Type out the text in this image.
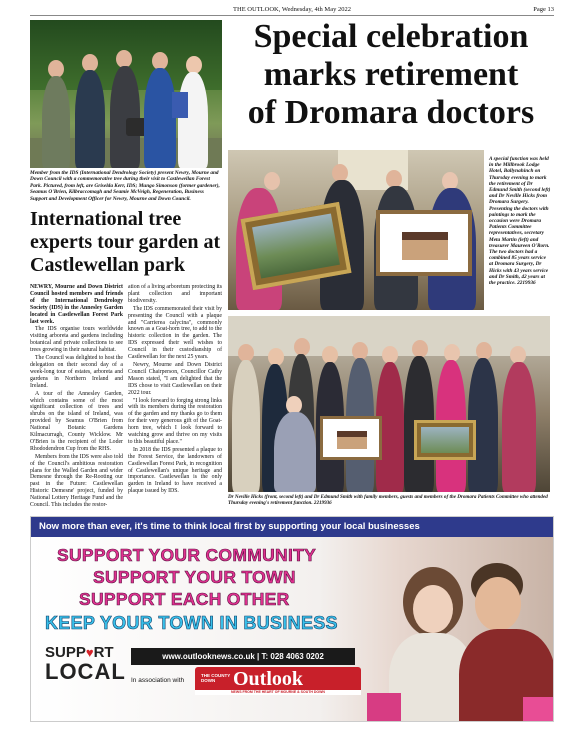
THE OUTLOOK, Wednesday, 4th May 2022	Page 13
Member from the IDS (International Dendrology Society) present Newry, Mourne and Down Council with a commemorative tree during their visit to Castlewellan Forest Park. Pictured, from left, are Griselda Kerr, IDS; Mungo Simonson (former gardener), Seamus O'Brien, Kilbraccomagh and Seamie McVeigh, Regeneration, Business Support and Development Officer for Newry, Mourne and Down Council.
International tree experts tour garden at Castlewellan park

NEWRY, Mourne and Down District Council hosted members and friends of the International Dendrology Society (IDS) in the Annesley Garden located in Castlewellan Forest Park last week.

The IDS organise tours worldwide visiting arboreta and gardens including botanical and private collections to see trees growing in their natural habitat.

The Council was delighted to host the delegation on their second day of a week-long tour of estates, arboreta and gardens in Northern Ireland and Ireland.

A tour of the Annesley Garden, which contains some of the most significant collection of trees and shrubs on the island of Ireland, was provided by Seamus O'Brien from National Botanic Gardens Kilmacurragh, County Wicklow. Mr O'Brien is the recipient of the Loder Rhododendron Cup from the RHS.

Members from the IDS were also told of the Council's ambitious restoration plans for the Walled Garden and wider Demesne through the Re-Rooting our past in the Future: Castlewellan Historic Demesne' project, funded by National Lottery Heritage Fund and the Council. This includes the restor-

ation of a living arboretum protecting its plant collection and important biodiversity.

The IDS commemorated their visit by presenting the Council with a plaque and "Carrierea calycina", commonly known as a Goat-horn tree, to add to the historic collection in the garden. The IDS expressed their well wishes to Council in their custodianship of Castlewellan for the next 25 years.

Newry, Mourne and Down District Council Chairperson, Councillor Cathy Mason stated, "I am delighted that the IDS chose to visit Castlewellan on their 2022 tour.

"I look forward to forging strong links with its members during the restoration of the garden and my thanks go to them for their very generous gift of the Goat-horn tree, which I look forward to watching grow and thrive on my visits to this beautiful place."

In 2018 the IDS presented a plaque to the Forest Service, the landowners of Castlewellan Forest Park, in recognition of Castlewellan's unique heritage and importance. Castlewellan is the only garden in Ireland to have received a plaque issued by IDS.

Special celebration
marks retirement
of Dromara doctors
A special function was held in the Millbrook Lodge Hotel, Ballynahinch on Thursday evening to mark the retirement of Dr Edmund Smith (second left) and Dr Neville Hicks from Dromara Surgery. Presenting the doctors with paintings to mark the occasion were Dromara Patients Committee representatives, secretary Meta Martin (left) and treasurer Maureen O'Rorn. The two doctors had a combined 85 years service at Dromara Surgery, Dr Hicks with 43 years service and Dr Smith, 42 years at the practice. 2219936
Dr Neville Hicks (front, second left) and Dr Edmund Smith with family members, guests and members of the Dromara Patients Committee who attended Thursday evening's retirement function. 2219936
Now more than ever, it's time to think local first by supporting your local businesses
SUPPORT YOUR COMMUNITY
SUPPORT YOUR TOWN
SUPPORT EACH OTHER
KEEP YOUR TOWN IN BUSINESS
SUPP♥RT
LOCAL
www.outlooknews.co.uk | T: 028 4063 0202
In association with
THE COUNTY DOWN Outlook
NEWS FROM THE HEART OF MOURNE & SOUTH DOWN
